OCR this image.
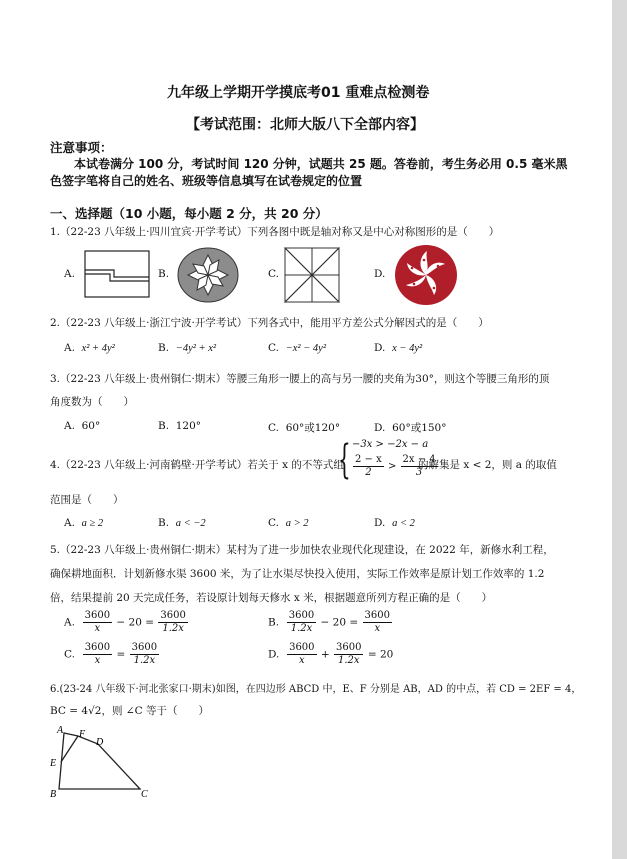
九年级上学期开学摸底考01 重难点检测卷
【考试范围：北师大版八下全部内容】
注意事项：
本试卷满分 100 分，考试时间 120 分钟，试题共 25 题。答卷前，考生务必用 0.5 毫米黑
色签字笔将自己的姓名、班级等信息填写在试卷规定的位置
一、选择题（10 小题，每小题 2 分，共 20 分）
1.（22-23 八年级上·四川宜宾·开学考试）下列各图中既是轴对称又是中心对称图形的是（　　）
A.	B.	C.	D.
2.（22-23 八年级上·浙江宁波·开学考试）下列各式中，能用平方差公式分解因式的是（　　）
A. x² + 4y²	B. −4y² + x²	C. −x² − 4y²	D. x − 4y²
3.（22-23 八年级上·贵州铜仁·期末）等腰三角形一腰上的高与另一腰的夹角为30°，则这个等腰三角形的顶
角度数为（　　）
A. 60°	B. 120°	C. 60°或120°	D. 60°或150°
4.（22-23 八年级上·河南鹤壁·开学考试）若关于 x 的不等式组
{ −3x > −2x − a
$\frac{2 - x}{2} > \frac{2x - 4}{3}$
的解集是 x < 2，则 a 的取值
范围是（　　）
A. a ≥ 2	B. a < −2	C. a > 2	D. a < 2
5.（22-23 八年级上·贵州铜仁·期末）某村为了进一步加快农业现代化现建设，在 2022 年，新修水利工程，
确保耕地面积．计划新修水渠 3600 米，为了让水渠尽快投入使用，实际工作效率是原计划工作效率的 1.2
倍，结果提前 20 天完成任务，若设原计划每天修水 x 米，根据题意所列方程正确的是（　　）
A. $\frac{3600}{x} - 20 = \frac{3600}{1.2x}$	B. $\frac{3600}{1.2x} - 20 = \frac{3600}{x}$
C. $\frac{3600}{x} = \frac{3600}{1.2x}$	D. $\frac{3600}{x} + \frac{3600}{1.2x} = 20$
6.(23-24 八年级下·河北张家口·期末)如图，在四边形 ABCD 中，E、F 分别是 AB，AD 的中点，若 CD = 2EF = 4，
BC = 4√2，则 ∠C 等于（　　）
A F
D
E
B	C
